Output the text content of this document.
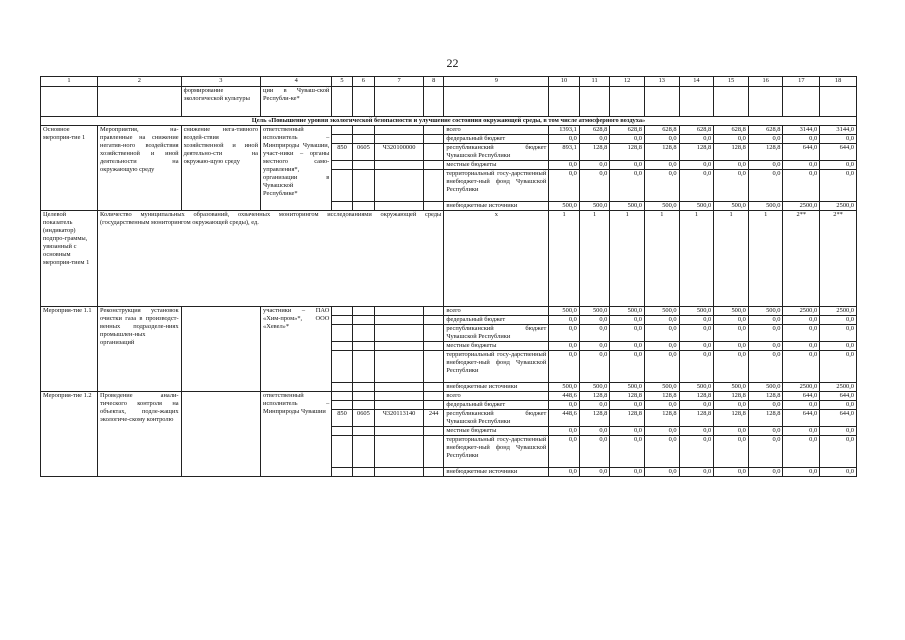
22
1	2	3	4	5	6	7	8	9	10	11	12	13	14	15	16	17	18
		формирование экологической культуры	ции в Чуваш-ской Республи-ке*														
Цель «Повышение уровня экологической безопасности и улучшение состояния окружающей среды, в том числе атмосферного воздуха»																	
Основное мероприя-тие 1	Мероприятия, на-правленные на снижение негатив-ного воздействия хозяйственной и иной деятельности на окружающую среду	снижение нега-тивного воздей-ствия хозяйственной и иной деятельно-сти на окружаю-щую среду	ответственный исполнитель – Минприроды Чувашии, участ-ники – органы местного само-управления*, организации в Чувашской Республике*					всего	1393,1	628,8	628,8	628,8	628,8	628,8	628,8	3144,0	3144,0
								федеральный бюджет	0,0	0,0	0,0	0,0	0,0	0,0	0,0	0,0	0,0
				850	0605	Ч320100000		республиканский бюджет Чувашской Республики	893,1	128,8	128,8	128,8	128,8	128,8	128,8	644,0	644,0
								местные бюджеты	0,0	0,0	0,0	0,0	0,0	0,0	0,0	0,0	0,0
								территориальный госу-дарственный внебюджет-ный фонд Чувашской Республики	0,0	0,0	0,0	0,0	0,0	0,0	0,0	0,0	0,0
								внебюджетные источники	500,0	500,0	500,0	500,0	500,0	500,0	500,0	2500,0	2500,0
Целевой показатель (индикатор) подпро-граммы, увязанный с основным мероприя-тием 1	Количество муниципальных образований, охваченных мониторингом исследованиями окружающей среды (государственным мониторингом окружающей среды), ед.							x	1	1	1	1	1	1	1	2**	2**
Мероприя-тие 1.1	Реконструкция установок очистки газа в производст-венных подразделе-ниях промышлен-ных организаций		участники – ПАО «Хим-пром»*, ООО «Хевел»*					всего	500,0	500,0	500,0	500,0	500,0	500,0	500,0	2500,0	2500,0
								федеральный бюджет	0,0	0,0	0,0	0,0	0,0	0,0	0,0	0,0	0,0
								республиканский бюджет Чувашской Республики	0,0	0,0	0,0	0,0	0,0	0,0	0,0	0,0	0,0
								местные бюджеты	0,0	0,0	0,0	0,0	0,0	0,0	0,0	0,0	0,0
								территориальный госу-дарственный внебюджет-ный фонд Чувашской Республики	0,0	0,0	0,0	0,0	0,0	0,0	0,0	0,0	0,0
								внебюджетные источники	500,0	500,0	500,0	500,0	500,0	500,0	500,0	2500,0	2500,0
Мероприя-тие 1.2	Проведение анали-тического контроля на объектах, подле-жащих экологиче-скому контролю		ответственный исполнитель – Минприроды Чувашии					всего	448,6	128,8	128,8	128,8	128,8	128,8	128,8	644,0	644,0
								федеральный бюджет	0,0	0,0	0,0	0,0	0,0	0,0	0,0	0,0	0,0
				850	0605	Ч320113140	244	республиканский бюджет Чувашской Республики	448,6	128,8	128,8	128,8	128,8	128,8	128,8	644,0	644,0
								местные бюджеты	0,0	0,0	0,0	0,0	0,0	0,0	0,0	0,0	0,0
								территориальный госу-дарственный внебюджет-ный фонд Чувашской Республики	0,0	0,0	0,0	0,0	0,0	0,0	0,0	0,0	0,0
								внебюджетные источники	0,0	0,0	0,0	0,0	0,0	0,0	0,0	0,0	0,0
